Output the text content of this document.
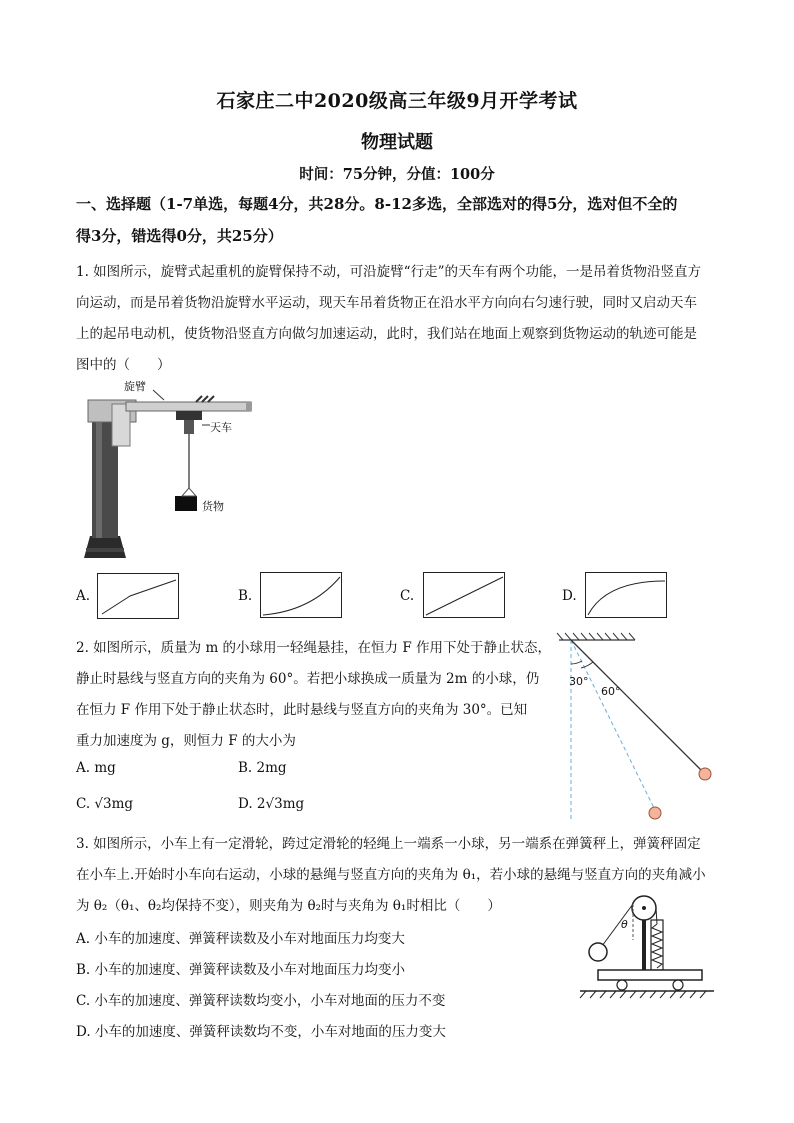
石家庄二中2020级高三年级9月开学考试
物理试题
时间：75分钟，分值：100分
一、选择题（1-7单选，每题4分，共28分。8-12多选，全部选对的得5分，选对但不全的
得3分，错选得0分，共25分）
1. 如图所示，旋臂式起重机的旋臂保持不动，可沿旋臂“行走”的天车有两个功能，一是吊着货物沿竖直方
向运动，而是吊着货物沿旋臂水平运动，现天车吊着货物正在沿水平方向向右匀速行驶，同时又启动天车
上的起吊电动机，使货物沿竖直方向做匀加速运动，此时，我们站在地面上观察到货物运动的轨迹可能是
图中的（　　）
旋臂
天车
货物
A.	B.	C.	D.
2. 如图所示，质量为 m 的小球用一轻绳悬挂，在恒力 F 作用下处于静止状态，
静止时悬线与竖直方向的夹角为 60°。若把小球换成一质量为 2m 的小球，仍
在恒力 F 作用下处于静止状态时，此时悬线与竖直方向的夹角为 30°。已知
重力加速度为 g，则恒力 F 的大小为
A. mg	B. 2mg
C. √3mg	D. 2√3mg
30°
60°
3. 如图所示，小车上有一定滑轮，跨过定滑轮的轻绳上一端系一小球，另一端系在弹簧秤上，弹簧秤固定
在小车上.开始时小车向右运动，小球的悬绳与竖直方向的夹角为 θ₁，若小球的悬绳与竖直方向的夹角减小
为 θ₂（θ₁、θ₂均保持不变），则夹角为 θ₂时与夹角为 θ₁时相比（　　）
A. 小车的加速度、弹簧秤读数及小车对地面压力均变大
B. 小车的加速度、弹簧秤读数及小车对地面压力均变小
C. 小车的加速度、弹簧秤读数均变小，小车对地面的压力不变
D. 小车的加速度、弹簧秤读数均不变，小车对地面的压力变大
θ
